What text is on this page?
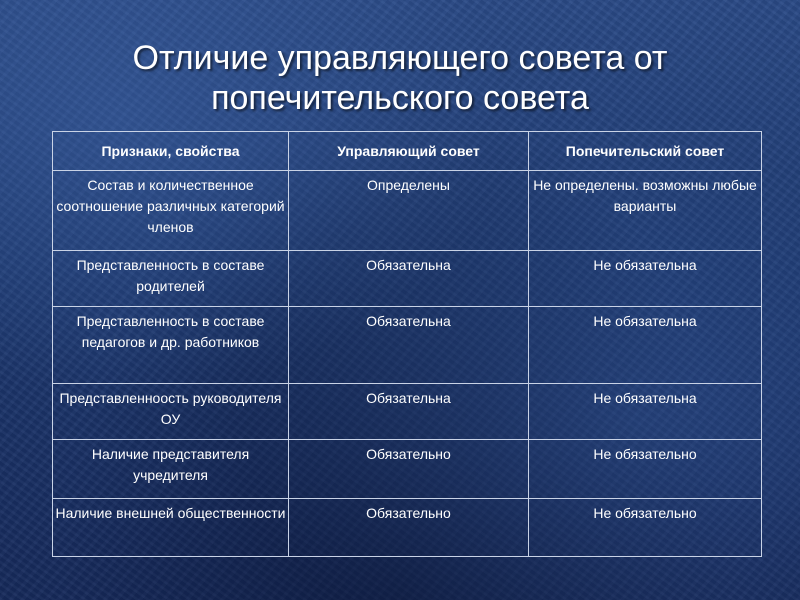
Отличие управляющего совета от
попечительского совета
Признаки, свойства	Управляющий совет	Попечительский совет
Состав и количественное соотношение различных категорий членов	Определены	Не определены. возможны любые варианты
Представленность в составе родителей	Обязательна	Не обязательна
Представленность в составе педагогов и др. работников	Обязательна	Не обязательна
Представленноость руководителя ОУ	Обязательна	Не обязательна
Наличие представителя учредителя	Обязательно	Не обязательно
Наличие внешней общественности	Обязательно	Не обязательно
